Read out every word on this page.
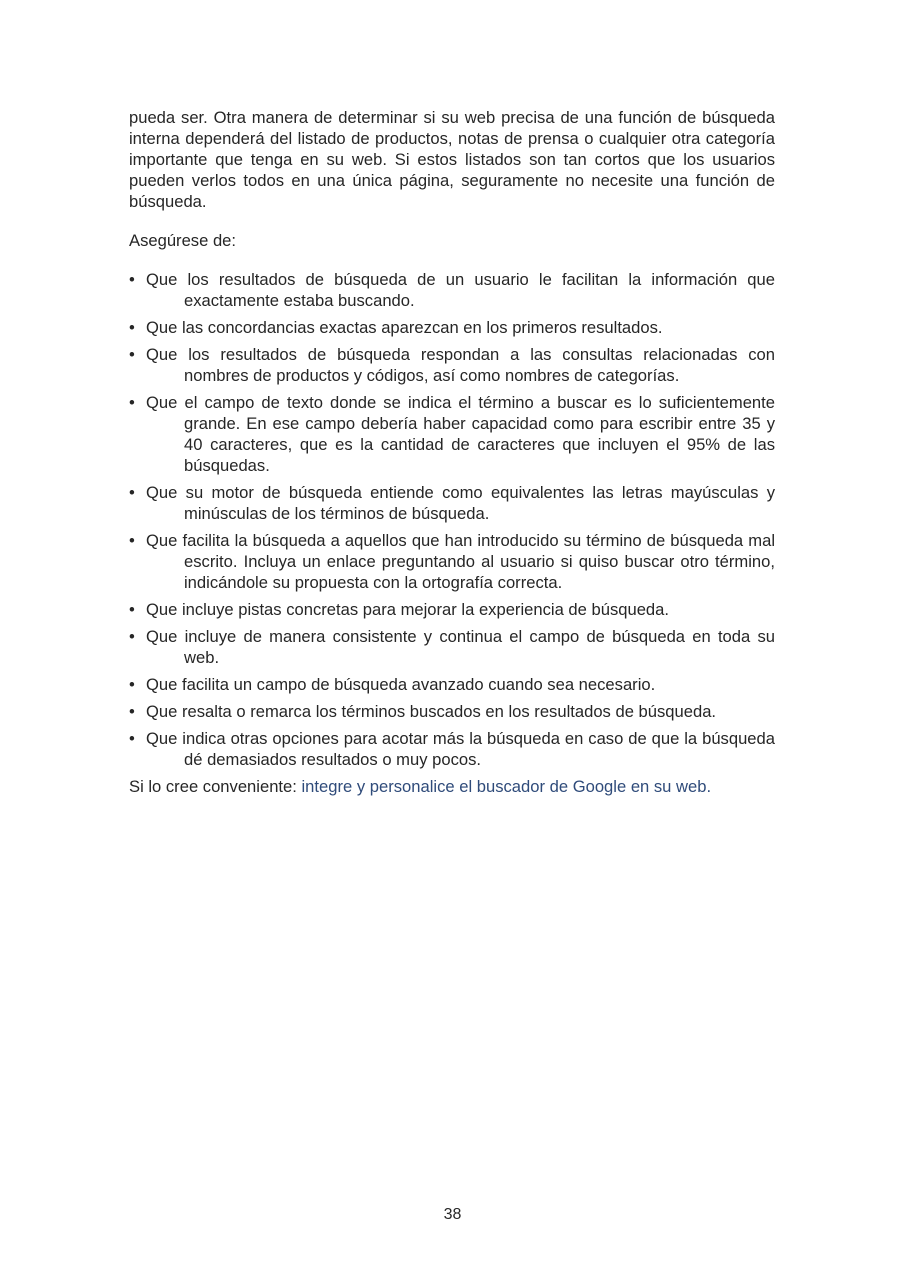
pueda ser. Otra manera de determinar si su web precisa de una función de búsqueda interna dependerá del listado de productos, notas de prensa o cualquier otra categoría importante que tenga en su web. Si estos listados son tan cortos que los usuarios pueden verlos todos en una única página, seguramente no necesite una función de búsqueda.

Asegúrese de:

• Que los resultados de búsqueda de un usuario le facilitan la información que exactamente estaba buscando.
• Que las concordancias exactas aparezcan en los primeros resultados.
• Que los resultados de búsqueda respondan a las consultas relacionadas con nombres de productos y códigos, así como nombres de categorías.
• Que el campo de texto donde se indica el término a buscar es lo suficientemente grande. En ese campo debería haber capacidad como para escribir entre 35 y 40 caracteres, que es la cantidad de caracteres que incluyen el 95% de las búsquedas.
• Que su motor de búsqueda entiende como equivalentes las letras mayúsculas y minúsculas de los términos de búsqueda.
• Que facilita la búsqueda a aquellos que han introducido su término de búsqueda mal escrito. Incluya un enlace preguntando al usuario si quiso buscar otro término, indicándole su propuesta con la ortografía correcta.
• Que incluye pistas concretas para mejorar la experiencia de búsqueda.
• Que incluye de manera consistente y continua el campo de búsqueda en toda su web.
• Que facilita un campo de búsqueda avanzado cuando sea necesario.
• Que resalta o remarca los términos buscados en los resultados de búsqueda.
• Que indica otras opciones para acotar más la búsqueda en caso de que la búsqueda dé demasiados resultados o muy pocos.

Si lo cree conveniente: integre y personalice el buscador de Google en su web.

38
